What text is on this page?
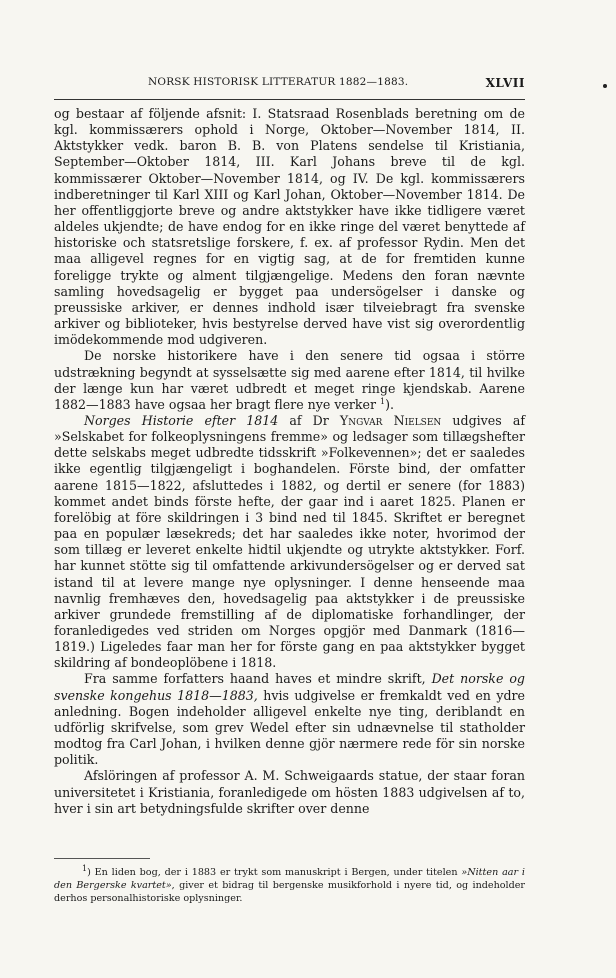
NORSK HISTORISK LITTERATUR 1882—1883.	XLVII

og bestaar af följende afsnit: I. Statsraad Rosenblads beretning om de kgl. kommissærers ophold i Norge, Oktober—November 1814, II. Aktstykker vedk. baron B. B. von Platens sendelse til Kristiania, September—Oktober 1814, III. Karl Johans breve til de kgl. kommissærer Oktober—November 1814, og IV. De kgl. kommissærers indberetninger til Karl XIII og Karl Johan, Oktober—November 1814. De her offentliggjorte breve og andre aktstykker have ikke tidligere været aldeles ukjendte; de have endog for en ikke ringe del været benyttede af historiske och statsretslige forskere, f. ex. af professor Rydin. Men det maa alligevel regnes for en vigtig sag, at de for fremtiden kunne foreligge trykte og alment tilgjængelige. Medens den foran nævnte samling hovedsagelig er bygget paa undersögelser i danske og preussiske arkiver, er dennes indhold især tilveiebragt fra svenske arkiver og biblioteker, hvis bestyrelse derved have vist sig overordentlig imödekommende mod udgiveren.

De norske historikere have i den senere tid ogsaa i större udstrækning begyndt at sysselsætte sig med aarene efter 1814, til hvilke der længe kun har været udbredt et meget ringe kjendskab. Aarene 1882—1883 have ogsaa her bragt flere nye verker $^1$).

Norges Historie efter 1814 af Dr Yngvar Nielsen udgives af »Selskabet for folkeoplysningens fremme» og ledsager som tillægshefter dette selskabs meget udbredte tidsskrift »Folkevennen»; det er saaledes ikke egentlig tilgjængeligt i boghandelen. Förste bind, der omfatter aarene 1815—1822, afsluttedes i 1882, og dertil er senere (for 1883) kommet andet binds förste hefte, der gaar ind i aaret 1825. Planen er forelöbig at före skildringen i 3 bind ned til 1845. Skriftet er beregnet paa en populær læsekreds; det har saaledes ikke noter, hvorimod der som tillæg er leveret enkelte hidtil ukjendte og utrykte aktstykker. Forf. har kunnet stötte sig til omfattende arkivundersögelser og er derved sat istand til at levere mange nye oplysninger. I denne henseende maa navnlig fremhæves den, hovedsagelig paa aktstykker i de preussiske arkiver grundede fremstilling af de diplomatiske forhandlinger, der foranledigedes ved striden om Norges opgjör med Danmark (1816—1819.) Ligeledes faar man her for förste gang en paa aktstykker bygget skildring af bondeoplöbene i 1818.

Fra samme forfatters haand haves et mindre skrift, Det norske og svenske kongehus 1818—1883, hvis udgivelse er fremkaldt ved en ydre anledning. Bogen indeholder alligevel enkelte nye ting, deriblandt en udförlig skrifvelse, som grev Wedel efter sin udnævnelse til statholder modtog fra Carl Johan, i hvilken denne gjör nærmere rede för sin norske politik.

Afslöringen af professor A. M. Schweigaards statue, der staar foran universitetet i Kristiania, foranledigede om hösten 1883 udgivelsen af to, hver i sin art betydningsfulde skrifter over denne

$^1$) En liden bog, der i 1883 er trykt som manuskript i Bergen, under titelen »Nitten aar i den Bergerske kvartet», giver et bidrag til bergenske musikforhold i nyere tid, og indeholder derhos personalhistoriske oplysninger.
